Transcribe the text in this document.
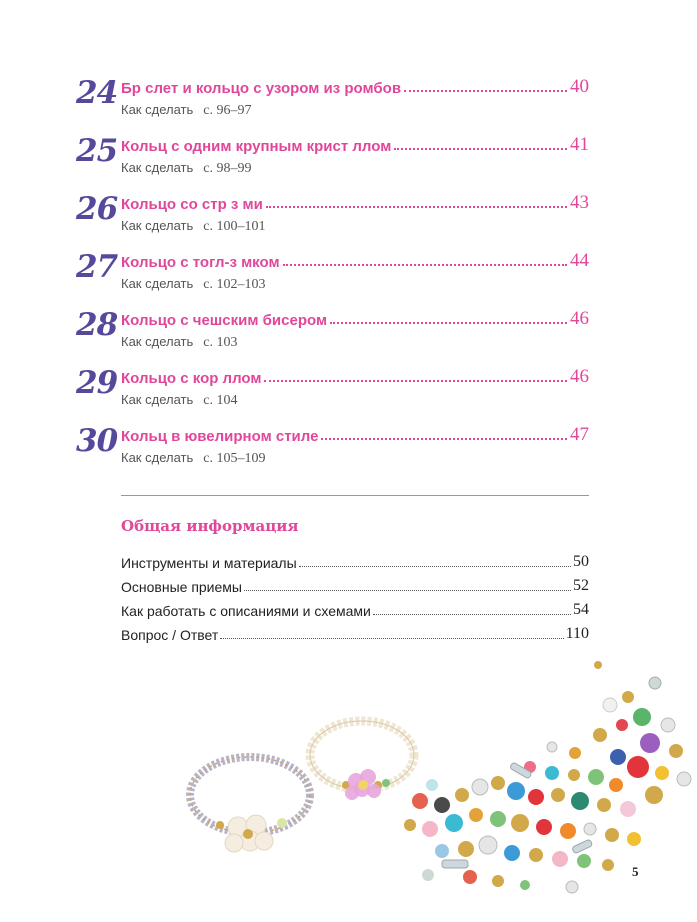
24 Бр слет и кольцо с узором из ромбов	40
Как сделать с. 96–97
25 Кольц с одним крупным крист ллом	41
Как сделать с. 98–99
26 Кольцо со стр з ми	43
Как сделать с. 100–101
27 Кольцо с тогл-з мком	44
Как сделать с. 102–103
28 Кольцо с чешским бисером	46
Как сделать с. 103
29 Кольцо с кор ллом	46
Как сделать с. 104
30 Кольц в ювелирном стиле	47
Как сделать с. 105–109
Общая информация
Инструменты и материалы	50
Основные приемы	52
Как работать с описаниями и схемами	54
Вопрос / Ответ	110
5
